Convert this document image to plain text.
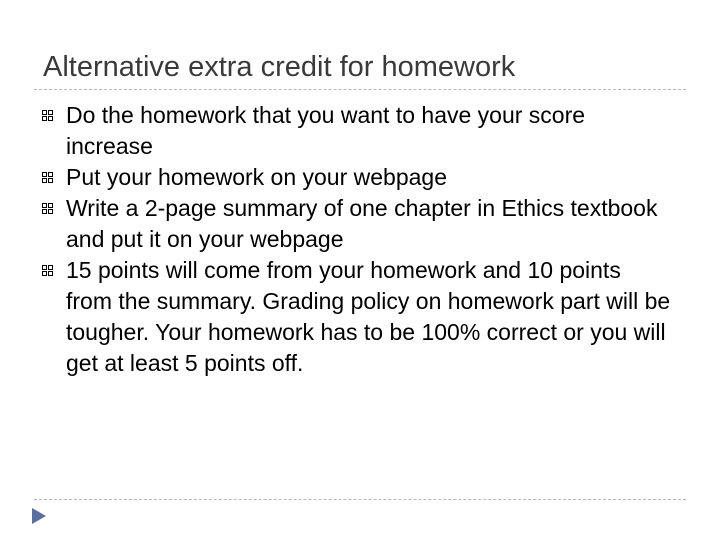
Alternative extra credit for homework
Do the homework that you want to have your score increase
Put your homework on your webpage
Write a 2-page summary of one chapter in Ethics textbook and put it on your webpage
15 points will come from your homework and 10 points from the summary. Grading policy on homework part will be tougher. Your homework has to be 100% correct or you will get at least 5 points off.
